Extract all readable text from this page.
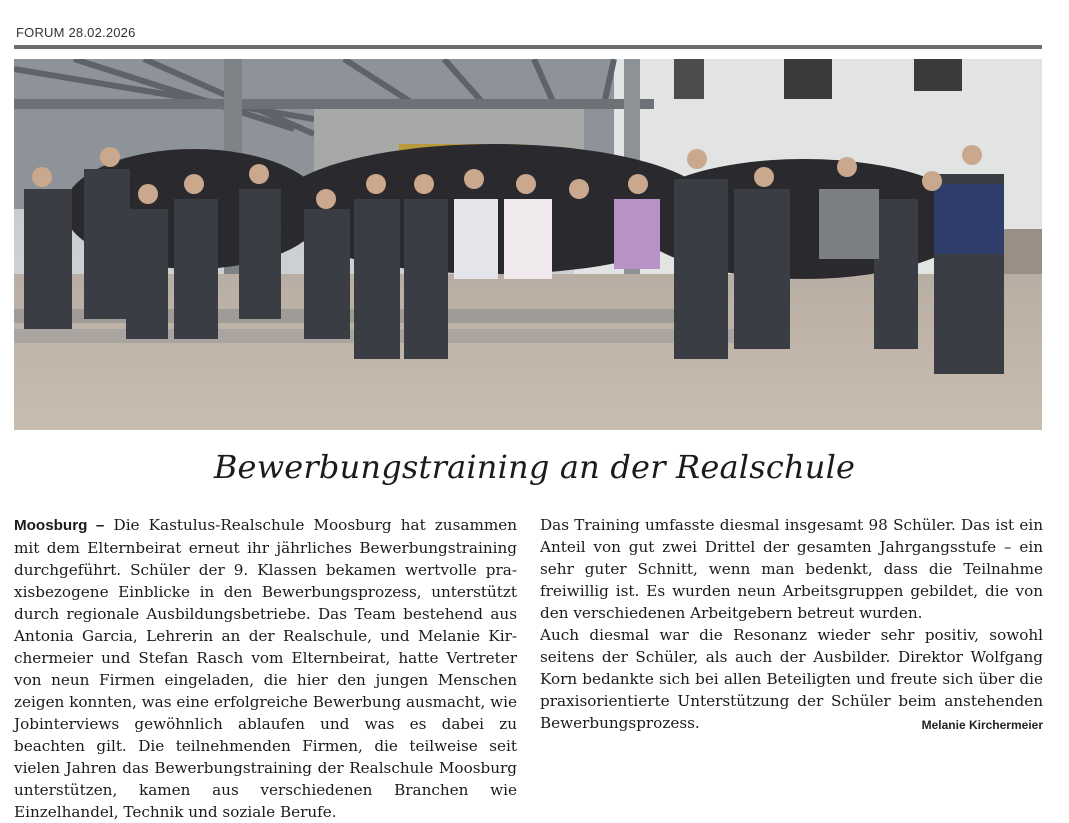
FORUM 28.02.2026
Bewerbungstraining an der Realschule

Moosburg – Die Kastulus-Realschule Moosburg hat zusammen mit dem Elternbeirat erneut ihr jährliches Bewerbungstraining durchgeführt. Schüler der 9. Klassen bekamen wertvolle praxisbezogene Einblicke in den Bewerbungsprozess, unterstützt durch regionale Ausbildungsbetriebe. Das Team bestehend aus Antonia Garcia, Lehrerin an der Realschule, und Melanie Kirchermeier und Stefan Rasch vom Elternbeirat, hatte Vertreter von neun Firmen eingeladen, die hier den jungen Menschen zeigen konnten, was eine erfolgreiche Bewerbung ausmacht, wie Jobinterviews gewöhnlich ablaufen und was es dabei zu beachten gilt. Die teilnehmenden Firmen, die teilweise seit vielen Jahren das Bewerbungstraining der Realschule Moosburg unterstützen, kamen aus verschiedenen Branchen wie Einzelhandel, Technik und soziale Berufe.

Das Training umfasste diesmal insgesamt 98 Schüler. Das ist ein Anteil von gut zwei Drittel der gesamten Jahrgangsstufe – ein sehr guter Schnitt, wenn man bedenkt, dass die Teilnahme freiwillig ist. Es wurden neun Arbeitsgruppen gebildet, die von den verschiedenen Arbeitgebern betreut wurden.

Auch diesmal war die Resonanz wieder sehr positiv, sowohl seitens der Schüler, als auch der Ausbilder. Direktor Wolfgang Korn bedankte sich bei allen Beteiligten und freute sich über die praxisorientierte Unterstützung der Schüler beim anstehenden Bewerbungsprozess.	Melanie Kirchermeier
